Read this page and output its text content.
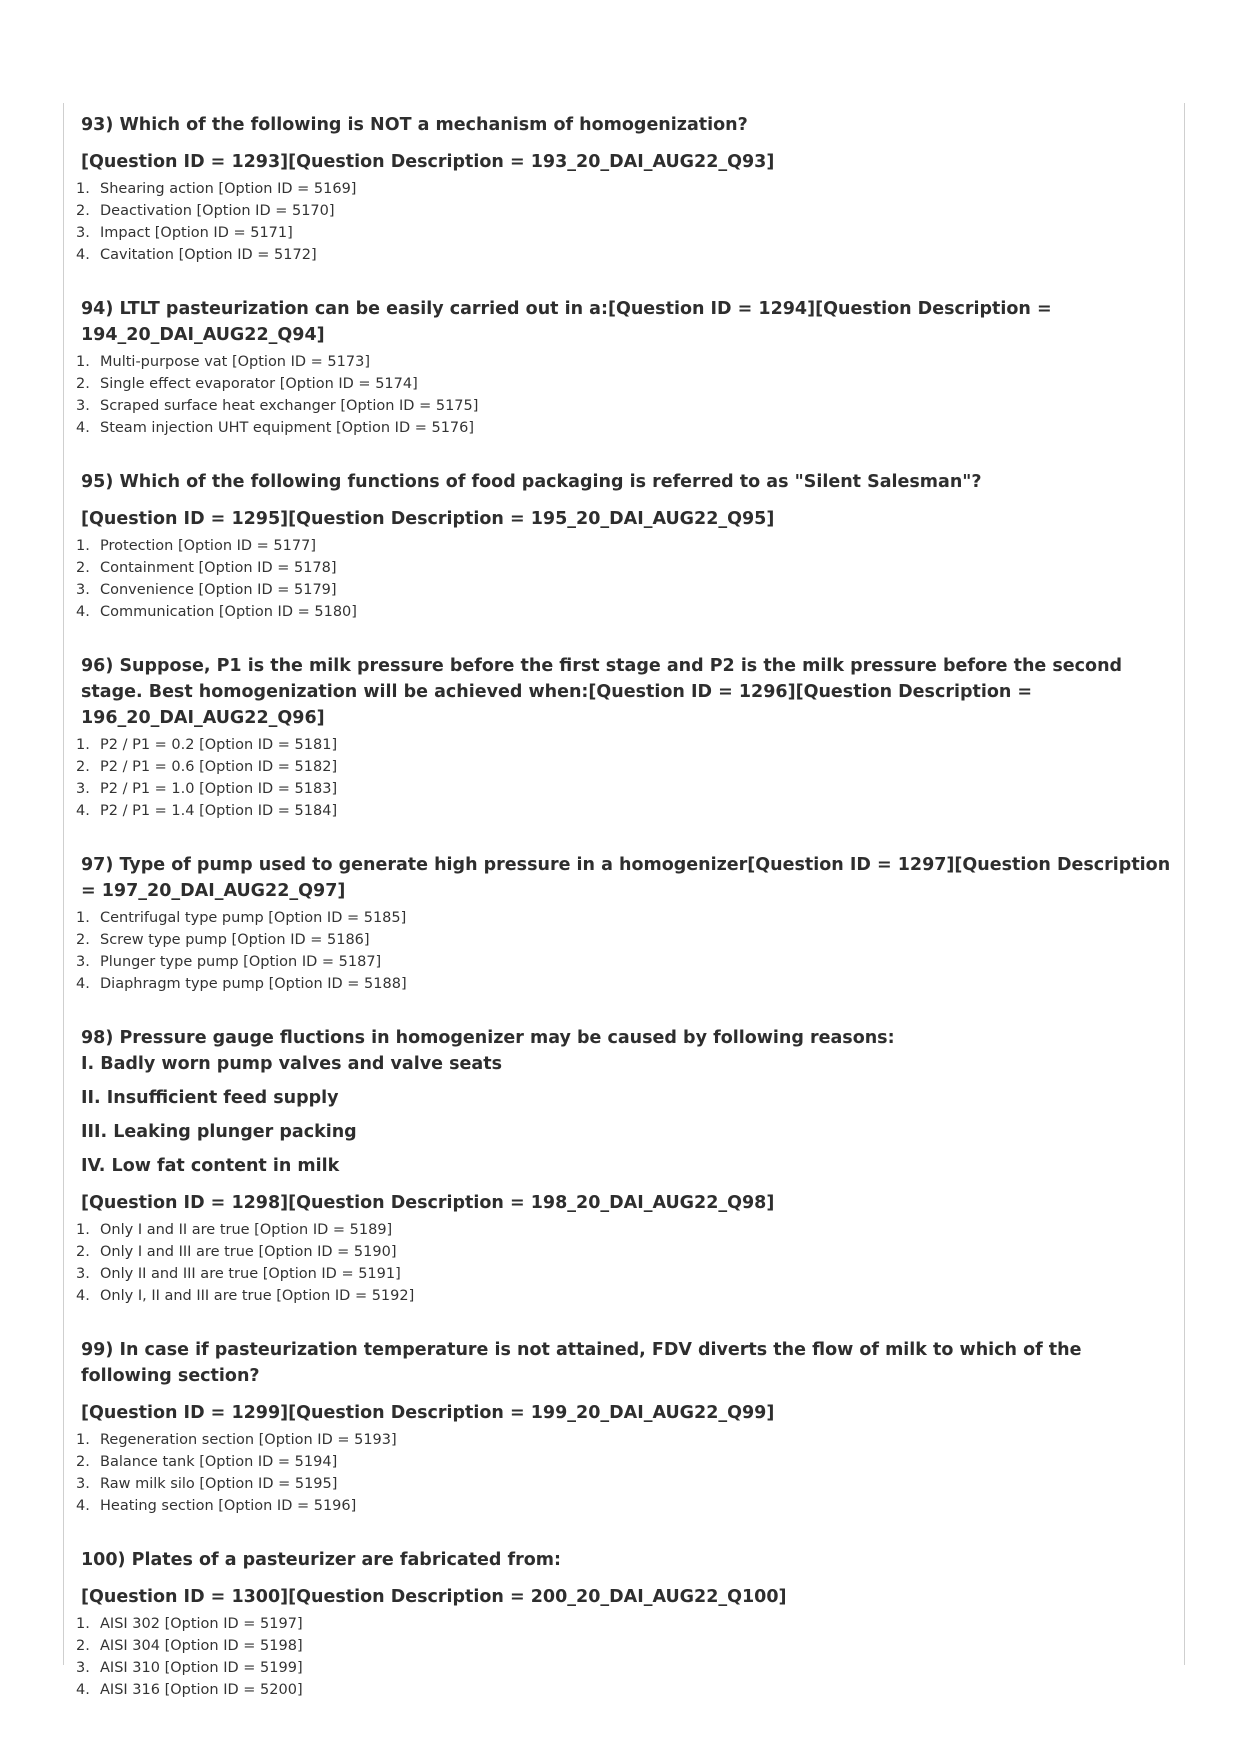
93) Which of the following is NOT a mechanism of homogenization?
[Question ID = 1293][Question Description = 193_20_DAI_AUG22_Q93]
1. Shearing action [Option ID = 5169]
2. Deactivation [Option ID = 5170]
3. Impact [Option ID = 5171]
4. Cavitation [Option ID = 5172]
94) LTLT pasteurization can be easily carried out in a:[Question ID = 1294][Question Description = 194_20_DAI_AUG22_Q94]
1. Multi-purpose vat [Option ID = 5173]
2. Single effect evaporator [Option ID = 5174]
3. Scraped surface heat exchanger [Option ID = 5175]
4. Steam injection UHT equipment [Option ID = 5176]
95) Which of the following functions of food packaging is referred to as "Silent Salesman"?
[Question ID = 1295][Question Description = 195_20_DAI_AUG22_Q95]
1. Protection [Option ID = 5177]
2. Containment [Option ID = 5178]
3. Convenience [Option ID = 5179]
4. Communication [Option ID = 5180]
96) Suppose, P1 is the milk pressure before the first stage and P2 is the milk pressure before the second stage. Best homogenization will be achieved when:[Question ID = 1296][Question Description = 196_20_DAI_AUG22_Q96]
1. P2 / P1 = 0.2 [Option ID = 5181]
2. P2 / P1 = 0.6 [Option ID = 5182]
3. P2 / P1 = 1.0 [Option ID = 5183]
4. P2 / P1 = 1.4 [Option ID = 5184]
97) Type of pump used to generate high pressure in a homogenizer[Question ID = 1297][Question Description = 197_20_DAI_AUG22_Q97]
1. Centrifugal type pump [Option ID = 5185]
2. Screw type pump [Option ID = 5186]
3. Plunger type pump [Option ID = 5187]
4. Diaphragm type pump [Option ID = 5188]
98) Pressure gauge fluctions in homogenizer may be caused by following reasons:
I. Badly worn pump valves and valve seats
II. Insufficient feed supply
III. Leaking plunger packing
IV. Low fat content in milk
[Question ID = 1298][Question Description = 198_20_DAI_AUG22_Q98]
1. Only I and II are true [Option ID = 5189]
2. Only I and III are true [Option ID = 5190]
3. Only II and III are true [Option ID = 5191]
4. Only I, II and III are true [Option ID = 5192]
99) In case if pasteurization temperature is not attained, FDV diverts the flow of milk to which of the following section?
[Question ID = 1299][Question Description = 199_20_DAI_AUG22_Q99]
1. Regeneration section [Option ID = 5193]
2. Balance tank [Option ID = 5194]
3. Raw milk silo [Option ID = 5195]
4. Heating section [Option ID = 5196]
100) Plates of a pasteurizer are fabricated from:
[Question ID = 1300][Question Description = 200_20_DAI_AUG22_Q100]
1. AISI 302 [Option ID = 5197]
2. AISI 304 [Option ID = 5198]
3. AISI 310 [Option ID = 5199]
4. AISI 316 [Option ID = 5200]
